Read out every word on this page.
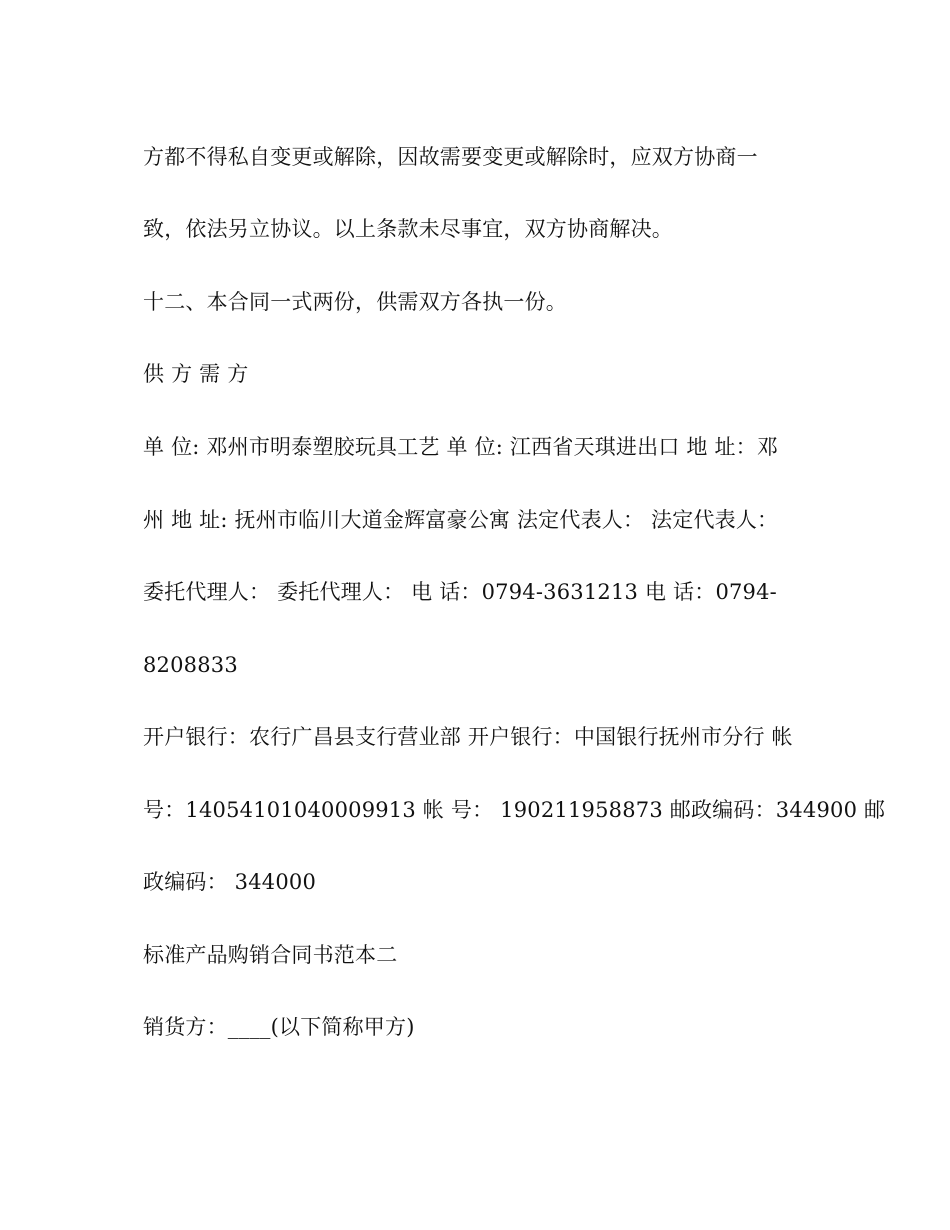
方都不得私自变更或解除，因故需要变更或解除时，应双方协商一
致，依法另立协议。以上条款未尽事宜，双方协商解决。
十二、本合同一式两份，供需双方各执一份。
供 方 需 方
单 位: 邓州市明泰塑胶玩具工艺 单 位: 江西省天琪进出口 地 址：邓
州 地 址: 抚州市临川大道金辉富豪公寓 法定代表人： 法定代表人：
委托代理人： 委托代理人： 电 话：0794-3631213 电 话：0794-
8208833
开户银行：农行广昌县支行营业部 开户银行：中国银行抚州市分行 帐
号：14054101040009913 帐 号： 190211958873 邮政编码：344900 邮
政编码： 344000
标准产品购销合同书范本二
销货方：____(以下简称甲方)
